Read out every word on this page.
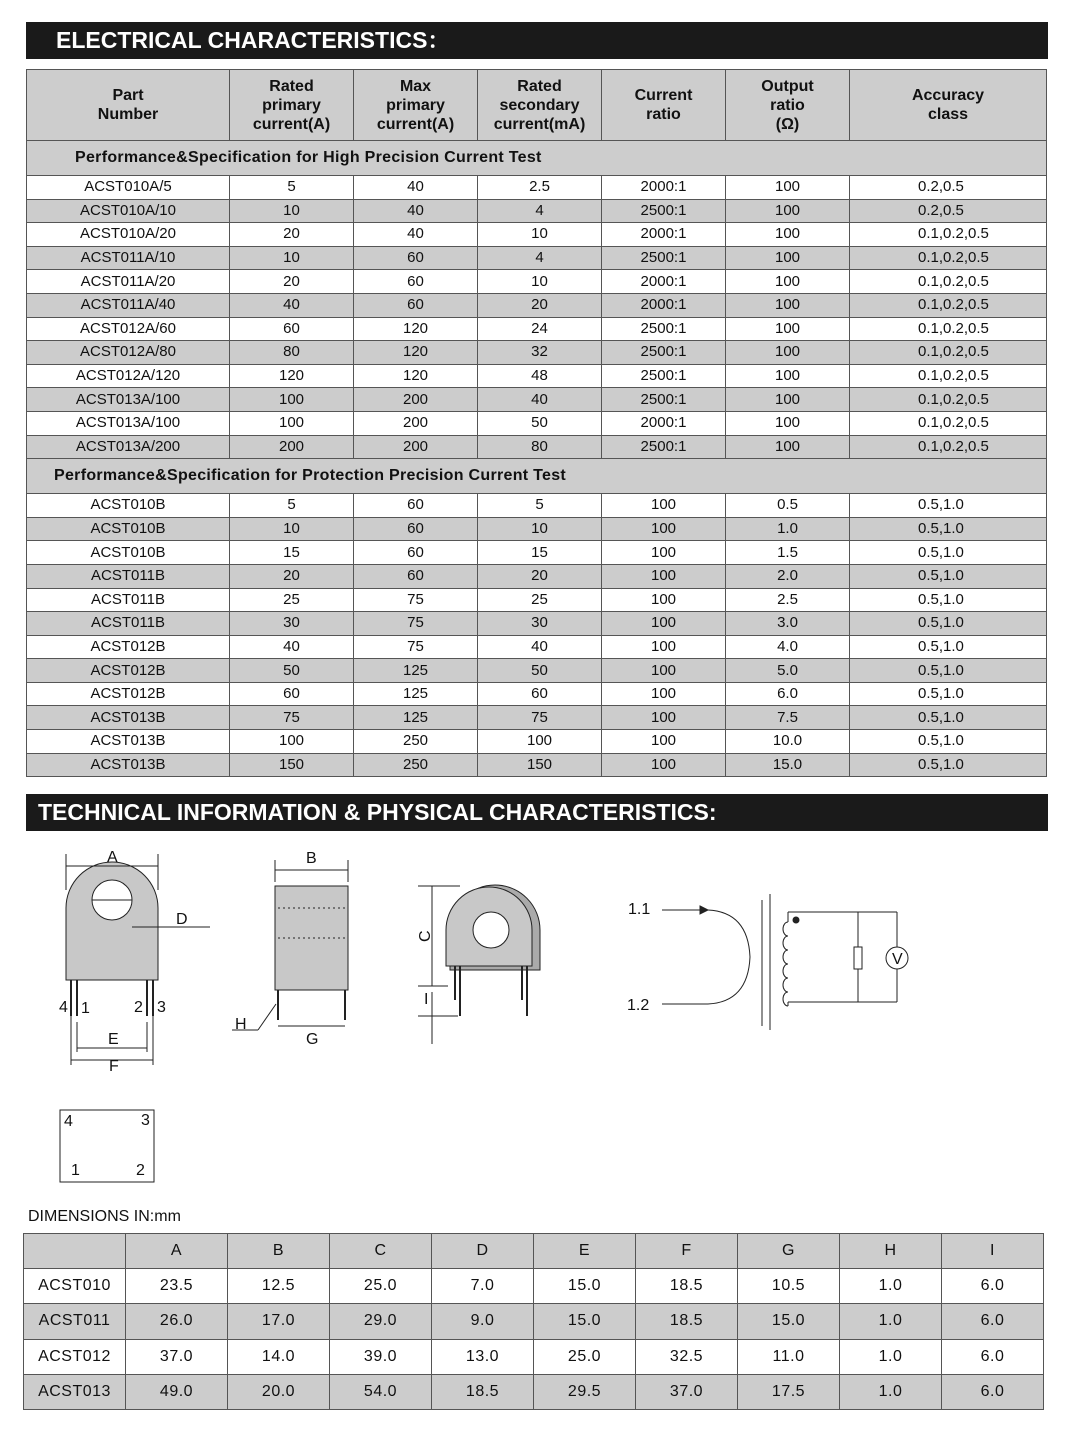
ELECTRICAL CHARACTERISTICS：
Part
Number	Rated
primary
current(A)	Max
primary
current(A)	Rated
secondary
current(mA)	Current
ratio	Output
ratio
(Ω)	Accuracy
class
Performance&Specification for High Precision Current Test						
ACST010A/5	5	40	2.5	2000:1	100	0.2,0.5
ACST010A/10	10	40	4	2500:1	100	0.2,0.5
ACST010A/20	20	40	10	2000:1	100	0.1,0.2,0.5
ACST011A/10	10	60	4	2500:1	100	0.1,0.2,0.5
ACST011A/20	20	60	10	2000:1	100	0.1,0.2,0.5
ACST011A/40	40	60	20	2000:1	100	0.1,0.2,0.5
ACST012A/60	60	120	24	2500:1	100	0.1,0.2,0.5
ACST012A/80	80	120	32	2500:1	100	0.1,0.2,0.5
ACST012A/120	120	120	48	2500:1	100	0.1,0.2,0.5
ACST013A/100	100	200	40	2500:1	100	0.1,0.2,0.5
ACST013A/100	100	200	50	2000:1	100	0.1,0.2,0.5
ACST013A/200	200	200	80	2500:1	100	0.1,0.2,0.5
Performance&Specification for Protection Precision Current Test						
ACST010B	5	60	5	100	0.5	0.5,1.0
ACST010B	10	60	10	100	1.0	0.5,1.0
ACST010B	15	60	15	100	1.5	0.5,1.0
ACST011B	20	60	20	100	2.0	0.5,1.0
ACST011B	25	75	25	100	2.5	0.5,1.0
ACST011B	30	75	30	100	3.0	0.5,1.0
ACST012B	40	75	40	100	4.0	0.5,1.0
ACST012B	50	125	50	100	5.0	0.5,1.0
ACST012B	60	125	60	100	6.0	0.5,1.0
ACST013B	75	125	75	100	7.5	0.5,1.0
ACST013B	100	250	100	100	10.0	0.5,1.0
ACST013B	150	250	150	100	15.0	0.5,1.0
TECHNICAL INFORMATION & PHYSICAL CHARACTERISTICS:
A
D
4 1	2 3
E
F
B
H
G
C
I
1.1
1.2
V
4	3
1	2
DIMENSIONS IN:mm
	A	B	C	D	E	F	G	H	I
ACST010	23.5	12.5	25.0	7.0	15.0	18.5	10.5	1.0	6.0
ACST011	26.0	17.0	29.0	9.0	15.0	18.5	15.0	1.0	6.0
ACST012	37.0	14.0	39.0	13.0	25.0	32.5	11.0	1.0	6.0
ACST013	49.0	20.0	54.0	18.5	29.5	37.0	17.5	1.0	6.0
